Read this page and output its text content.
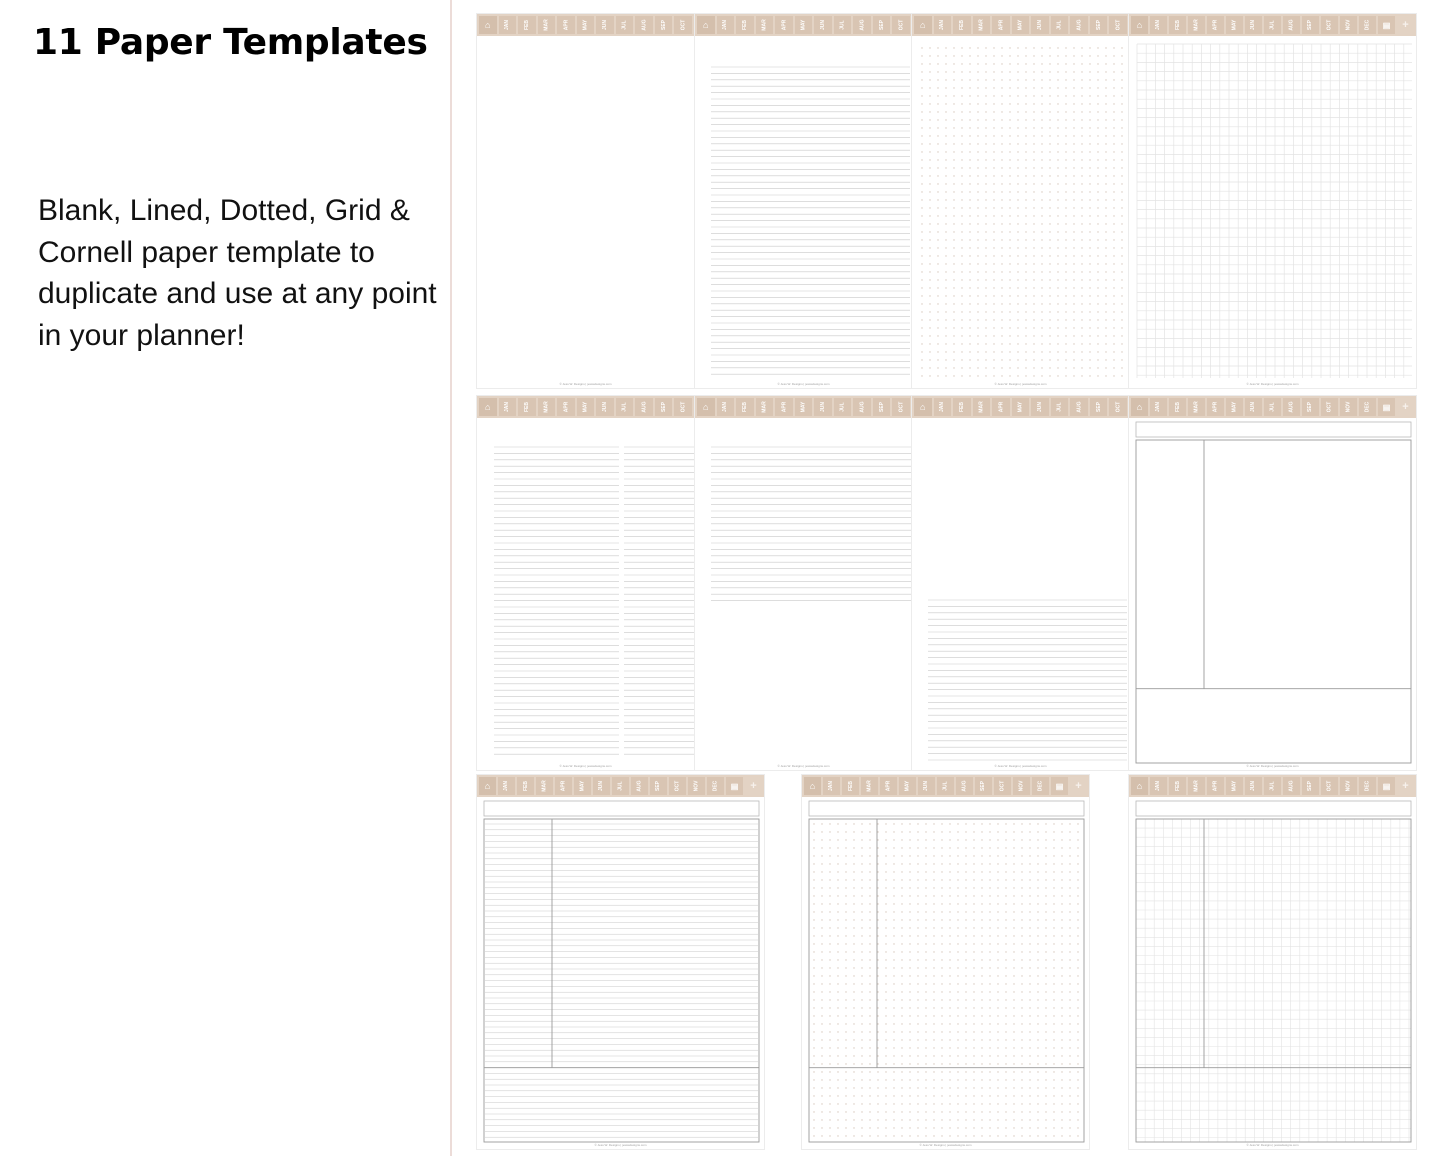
11 Paper Templates

Blank, Lined, Dotted, Grid & Cornell paper template to duplicate and use at any point in your planner!

⌂	JAN	FEB	MAR	APR	MAY	JUN	JUL	AUG	SEP	OCT
© Jess W. Designs | jesswdesigns.com
⌂	JAN	FEB	MAR	APR	MAY	JUN	JUL	AUG	SEP	OCT
© Jess W. Designs | jesswdesigns.com
⌂	JAN	FEB	MAR	APR	MAY	JUN	JUL	AUG	SEP	OCT
© Jess W. Designs | jesswdesigns.com
⌂	JAN	FEB	MAR	APR	MAY	JUN	JUL	AUG	SEP	OCT	NOV	DEC ▤ +
© Jess W. Designs | jesswdesigns.com
⌂	JAN	FEB	MAR	APR	MAY	JUN	JUL	AUG	SEP	OCT
© Jess W. Designs | jesswdesigns.com
⌂	JAN	FEB	MAR	APR	MAY	JUN	JUL	AUG	SEP	OCT
© Jess W. Designs | jesswdesigns.com
⌂	JAN	FEB	MAR	APR	MAY	JUN	JUL	AUG	SEP	OCT
© Jess W. Designs | jesswdesigns.com
⌂	JAN	FEB	MAR	APR	MAY	JUN	JUL	AUG	SEP	OCT	NOV	DEC ▤ +
© Jess W. Designs | jesswdesigns.com
⌂	JAN	FEB	MAR	APR	MAY	JUN	JUL	AUG	SEP	OCT	NOV	DEC ▤ +
© Jess W. Designs | jesswdesigns.com
⌂	JAN	FEB	MAR	APR	MAY	JUN	JUL	AUG	SEP	OCT	NOV	DEC ▤ +
© Jess W. Designs | jesswdesigns.com
⌂	JAN	FEB	MAR	APR	MAY	JUN	JUL	AUG	SEP	OCT	NOV	DEC ▤ +
© Jess W. Designs | jesswdesigns.com
